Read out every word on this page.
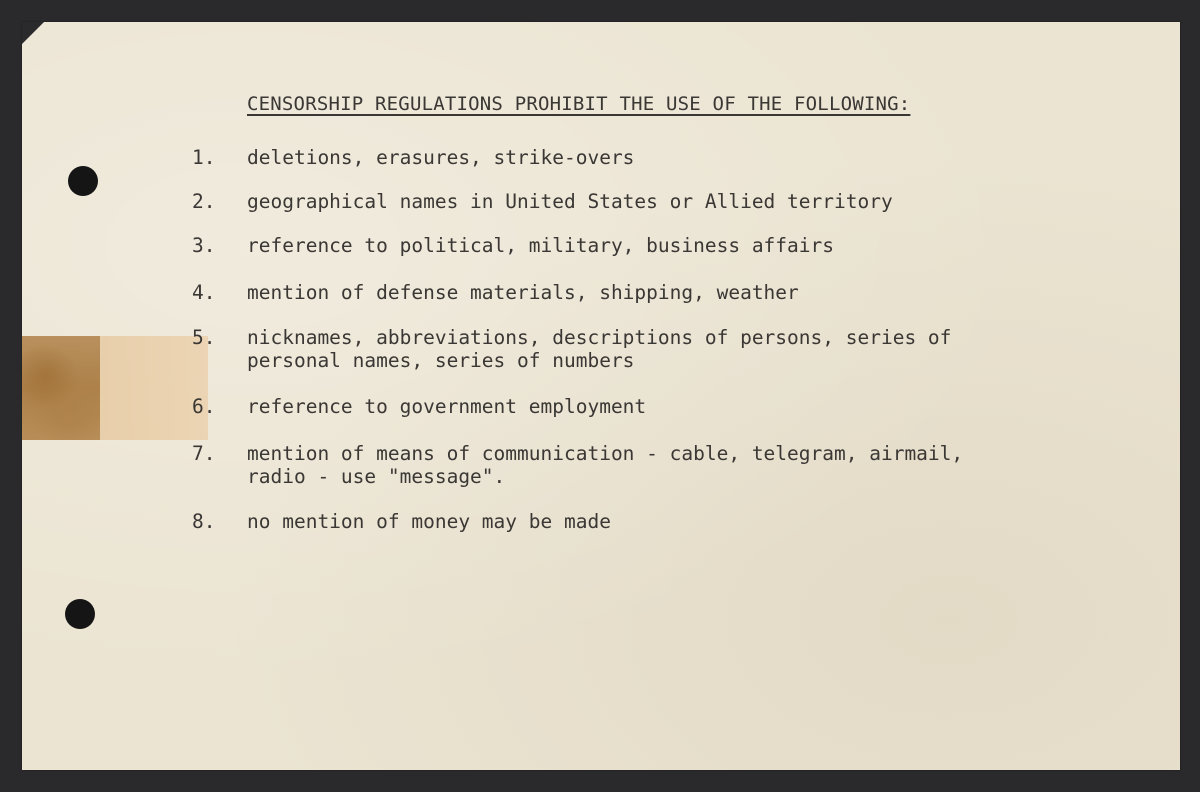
CENSORSHIP REGULATIONS PROHIBIT THE USE OF THE FOLLOWING:
1.	deletions, erasures, strike-overs
2.	geographical names in United States or Allied territory
3.	reference to political, military, business affairs
4.	mention of defense materials, shipping, weather
5.	nicknames, abbreviations, descriptions of persons, series of
personal names, series of numbers
6.	reference to government employment
7.	mention of means of communication - cable, telegram, airmail,
radio - use "message".
8.	no mention of money may be made
